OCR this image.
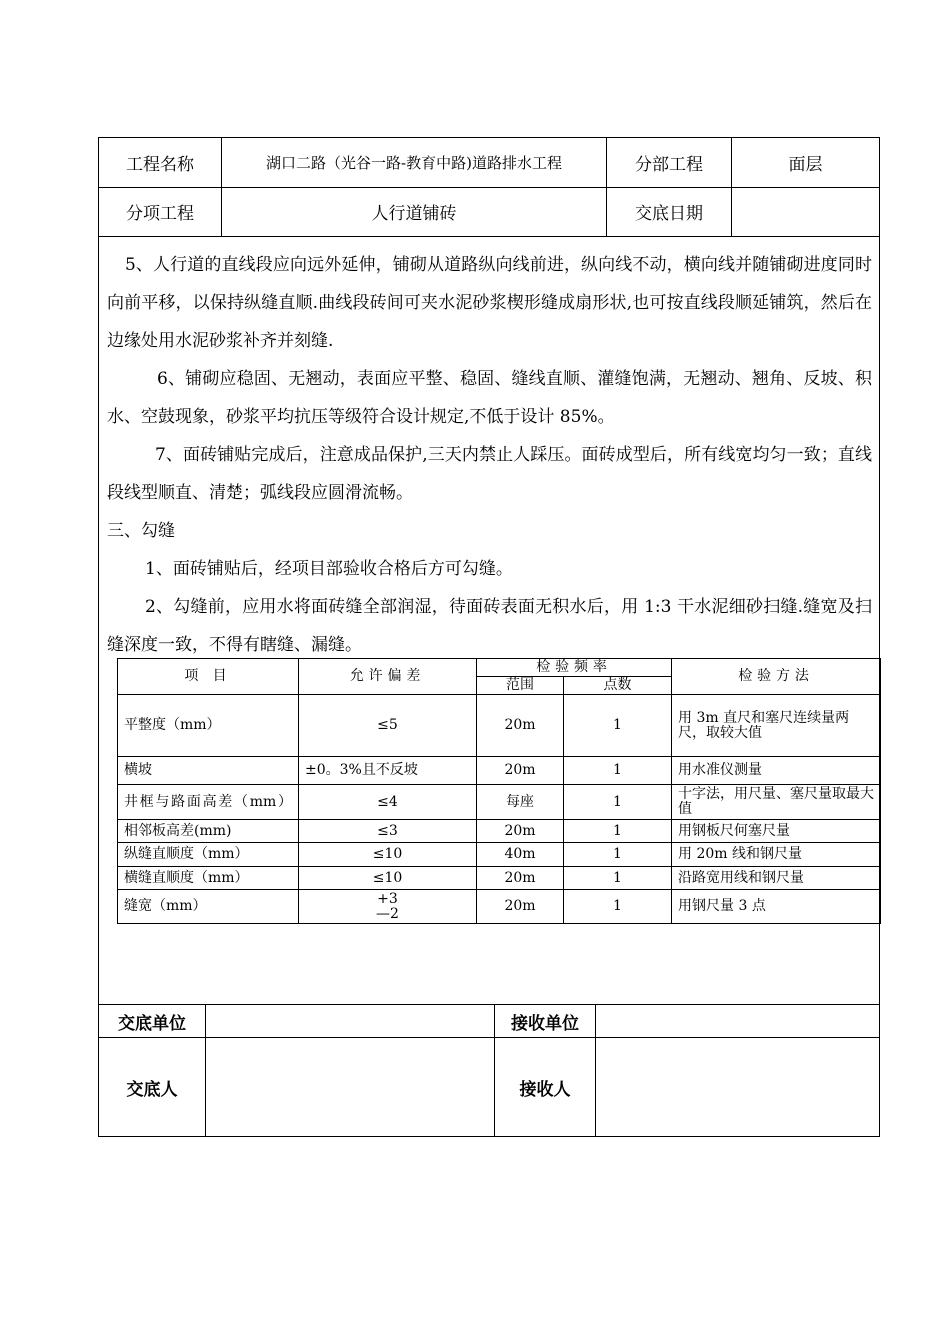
工程名称	湖口二路（光谷一路-教育中路)道路排水工程	分部工程	面层
分项工程	人行道铺砖	交底日期

5、人行道的直线段应向远外延伸，铺砌从道路纵向线前进，纵向线不动，横向线并随铺砌进度同时向前平移，以保持纵缝直顺.曲线段砖间可夹水泥砂浆楔形缝成扇形状,也可按直线段顺延铺筑，然后在边缘处用水泥砂浆补齐并刻缝.

6、铺砌应稳固、无翘动，表面应平整、稳固、缝线直顺、灌缝饱满，无翘动、翘角、反坡、积水、空鼓现象，砂浆平均抗压等级符合设计规定,不低于设计 85%。

7、面砖铺贴完成后，注意成品保护,三天内禁止人踩压。面砖成型后，所有线宽均匀一致；直线段线型顺直、清楚；弧线段应圆滑流畅。

三、勾缝

1、面砖铺贴后，经项目部验收合格后方可勾缝。

2、勾缝前，应用水将面砖缝全部润湿，待面砖表面无积水后，用 1:3 干水泥细砂扫缝.缝宽及扫缝深度一致，不得有瞎缝、漏缝。

项 目	允许偏差	检验频率		检验方法
		范围	点数	
平整度（mm）	≤5	20m	1	用 3m 直尺和塞尺连续量两尺，取较大值
横坡	±0。3%且不反坡	20m	1	用水准仪测量
井框与路面高差（mm）	≤4	每座	1	十字法，用尺量、塞尺量取最大值
相邻板高差(mm)	≤3	20m	1	用钢板尺何塞尺量
纵缝直顺度（mm）	≤10	40m	1	用 20m 线和钢尺量
横缝直顺度（mm）	≤10	20m	1	沿路宽用线和钢尺量
缝宽（mm）	+3
—2	20m	1	用钢尺量 3 点
交底单位	接收单位
交底人	接收人
